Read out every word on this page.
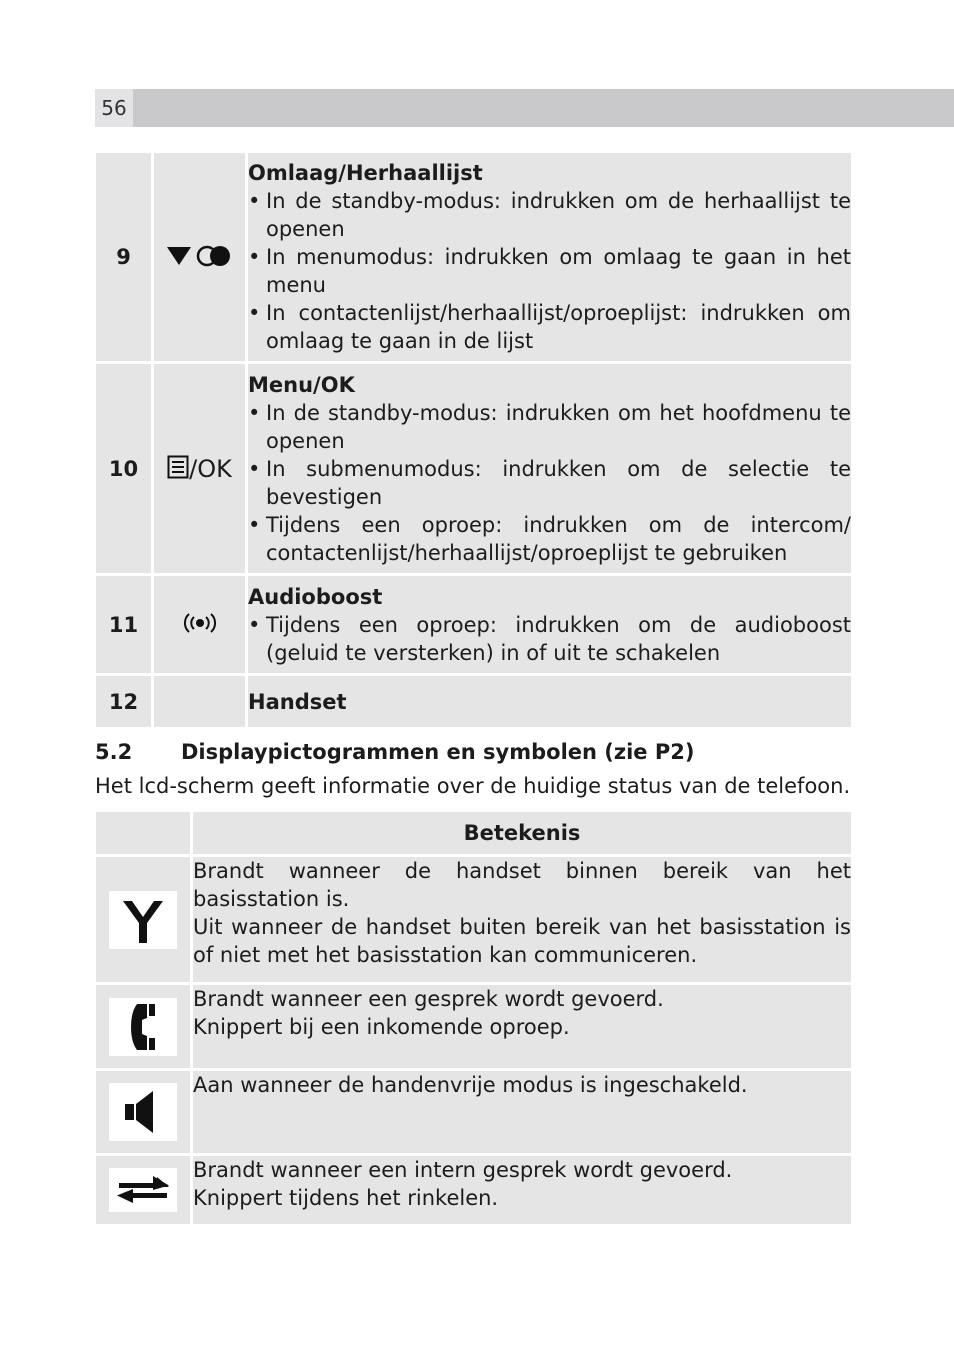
56
9		Omlaag/Herhaallijst
• In de standby-modus: indrukken om de herhaallijst te openen
• In menumodus: indrukken om omlaag te gaan in het menu
• In contactenlijst/herhaallijst/oproeplijst: indrukken om omlaag te gaan in de lijst

10	/OK	Menu/OK
• In de standby-modus: indrukken om het hoofdmenu te openen
• In submenumodus: indrukken om de selectie te bevestigen
• Tijdens een oproep: indrukken om de intercom/ contactenlijst/herhaallijst/oproeplijst te gebruiken

11		Audioboost
• Tijdens een oproep: indrukken om de audioboost (geluid te versterken) in of uit te schakelen

12		Handset
5.2 Displaypictogrammen en symbolen (zie P2)
Het lcd-scherm geeft informatie over de huidige status van de telefoon.
	Betekenis

Brandt wanneer de handset binnen bereik van het basisstation is.
Uit wanneer de handset buiten bereik van het basisstation is of niet met het basisstation kan communiceren.

Brandt wanneer een gesprek wordt gevoerd.
Knippert bij een inkomende oproep.

Aan wanneer de handenvrije modus is ingeschakeld.

Brandt wanneer een intern gesprek wordt gevoerd.
Knippert tijdens het rinkelen.
